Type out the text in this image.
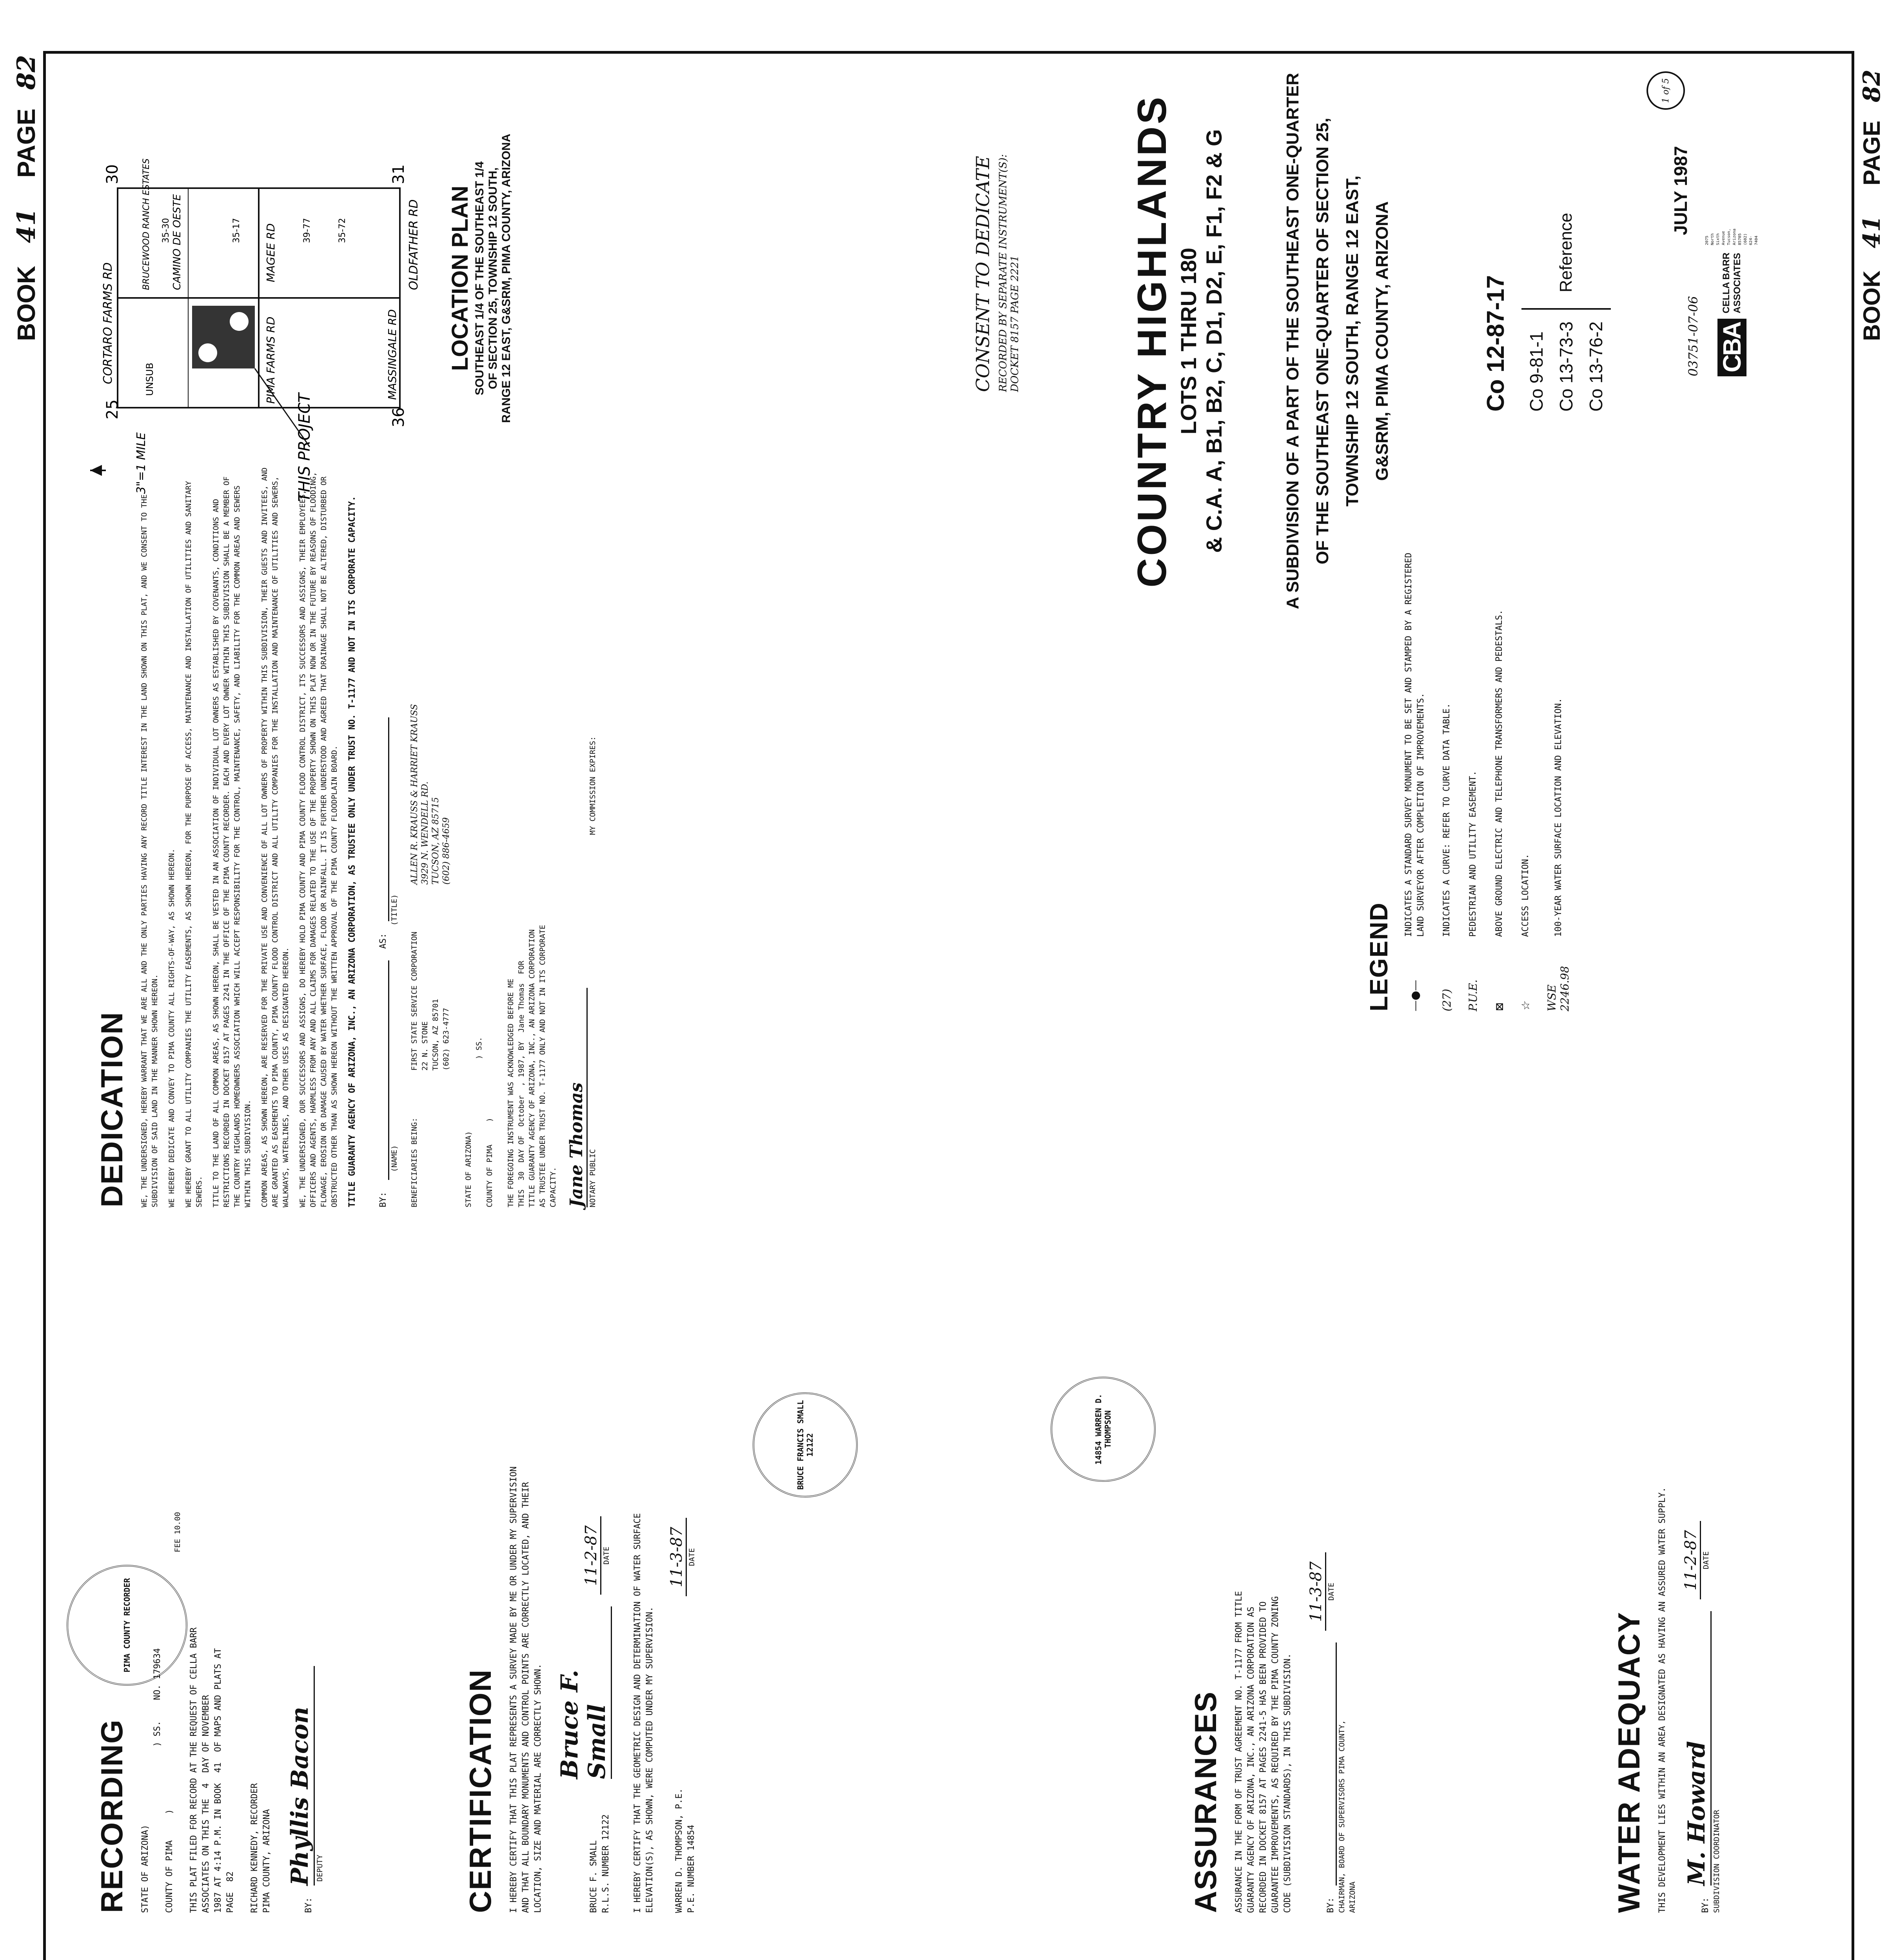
BOOK 41 PAGE 82
RECORDING STATE OF ARIZONA) ) SS.    NO. 179634 COUNTY OF PIMA     ) THIS PLAT FILED FOR RECORD AT THE REQUEST OF CELLA BARR ASSOCIATES ON THIS THE  4  DAY OF NOVEMBER 1987 AT 4:14 P.M. IN BOOK  41  OF MAPS AND PLATS AT PAGE  82 RICHARD KENNEDY, RECORDER PIMA COUNTY, ARIZONA	BY:
Phyllis Bacon DEPUTY
FEE 10.00
PIMA COUNTY RECORDER
CERTIFICATION I HEREBY CERTIFY THAT THIS PLAT REPRESENTS A SURVEY MADE BY ME OR UNDER MY SUPERVISION AND THAT ALL BOUNDARY MONUMENTS AND CONTROL POINTS ARE CORRECTLY LOCATED, AND THEIR LOCATION, SIZE AND MATERIAL ARE CORRECTLY SHOWN.	BRUCE F. SMALL R.L.S. NUMBER 12122
Bruce F. Small
11-2-87 DATE	I HEREBY CERTIFY THAT THE GEOMETRIC DESIGN AND DETERMINATION OF WATER SURFACE ELEVATION(S), AS SHOWN, WERE COMPUTED UNDER MY SUPERVISION. WARREN D. THOMPSON, P.E. P.E. NUMBER 14854
11-3-87 DATE
BRUCE FRANCIS SMALL 12122	14854 WARREN D. THOMPSON
ASSURANCES ASSURANCE IN THE FORM OF TRUST AGREEMENT NO. T-1177 FROM TITLE GUARANTY AGENCY OF ARIZONA, INC., AN ARIZONA CORPORATION AS RECORDED IN DOCKET 8157 AT PAGES 2241-5 HAS BEEN PROVIDED TO GUARANTEE IMPROVEMENTS, AS REQUIRED BY THE PIMA COUNTY ZONING CODE (SUBDIVISION STANDARDS), IN THIS SUBDIVISION.	BY:
11-3-87 DATE
CHAIRMAN, BOARD OF SUPERVISORS PIMA COUNTY, ARIZONA	WATER ADEQUACY THIS DEVELOPMENT LIES WITHIN AN AREA DESIGNATED AS HAVING AN ASSURED WATER SUPPLY.	BY:
M. Howard
11-2-87 DATE
SUBDIVISION COORDINATOR
DEDICATION WE, THE UNDERSIGNED, HEREBY WARRANT THAT WE ARE ALL AND THE ONLY PARTIES HAVING ANY RECORD TITLE INTEREST IN THE LAND SHOWN ON THIS PLAT, AND WE CONSENT TO THE SUBDIVISION OF SAID LAND IN THE MANNER SHOWN HEREON. WE HEREBY DEDICATE AND CONVEY TO PIMA COUNTY ALL RIGHTS-OF-WAY, AS SHOWN HEREON. WE HEREBY GRANT TO ALL UTILITY COMPANIES THE UTILITY EASEMENTS, AS SHOWN HEREON, FOR THE PURPOSE OF ACCESS, MAINTENANCE AND INSTALLATION OF UTILITIES AND SANITARY SEWERS. TITLE TO THE LAND OF ALL COMMON AREAS, AS SHOWN HEREON, SHALL BE VESTED IN AN ASSOCIATION OF INDIVIDUAL LOT OWNERS AS ESTABLISHED BY COVENANTS, CONDITIONS AND RESTRICTIONS RECORDED IN DOCKET 8157 AT PAGES 2241 IN THE OFFICE OF THE PIMA COUNTY RECORDER. EACH AND EVERY LOT OWNER WITHIN THIS SUBDIVISION SHALL BE A MEMBER OF THE COUNTRY HIGHLANDS HOMEOWNERS ASSOCIATION WHICH WILL ACCEPT RESPONSIBILITY FOR THE CONTROL, MAINTENANCE, SAFETY, AND LIABILITY FOR THE COMMON AREAS AND SEWERS WITHIN THIS SUBDIVISION. COMMON AREAS, AS SHOWN HEREON, ARE RESERVED FOR THE PRIVATE USE AND CONVENIENCE OF ALL LOT OWNERS OF PROPERTY WITHIN THIS SUBDIVISION, THEIR GUESTS AND INVITEES, AND ARE GRANTED AS EASEMENTS TO PIMA COUNTY, PIMA COUNTY FLOOD CONTROL DISTRICT AND ALL UTILITY COMPANIES FOR THE INSTALLATION AND MAINTENANCE OF UTILITIES AND SEWERS, WALKWAYS, WATERLINES, AND OTHER USES AS DESIGNATED HEREON. WE, THE UNDERSIGNED, OUR SUCCESSORS AND ASSIGNS, DO HEREBY HOLD PIMA COUNTY AND PIMA COUNTY FLOOD CONTROL DISTRICT, ITS SUCCESSORS AND ASSIGNS, THEIR EMPLOYEES, OFFICERS AND AGENTS, HARMLESS FROM ANY AND ALL CLAIMS FOR DAMAGES RELATED TO THE USE OF THE PROPERTY SHOWN ON THIS PLAT NOW OR IN THE FUTURE BY REASONS OF FLOODING, FLOWAGE, EROSION OR DAMAGE CAUSED BY WATER WHETHER SURFACE, FLOOD OR RAINFALL. IT IS FURTHER UNDERSTOOD AND AGREED THAT DRAINAGE SHALL NOT BE ALTERED, DISTURBED OR OBSTRUCTED OTHER THAN AS SHOWN HEREON WITHOUT THE WRITTEN APPROVAL OF THE PIMA COUNTY FLOODPLAIN BOARD. TITLE GUARANTY AGENCY OF ARIZONA, INC., AN ARIZONA CORPORATION, AS TRUSTEE ONLY UNDER TRUST NO. T-1177 AND NOT IN ITS CORPORATE CAPACITY. BY:
AS:
(NAME)
(TITLE)
BENEFICIARIES BEING:
FIRST STATE SERVICE CORPORATION 22 N. STONE TUCSON, AZ 85701 (602) 623-4777
ALLEN R. KRAUSS & HARRIET KRAUSS 3929 N. WENDELL RD. TUCSON, AZ 85715 (602) 886-4659
STATE OF ARIZONA) ) SS. COUNTY OF PIMA     ) THE FOREGOING INSTRUMENT WAS ACKNOWLEDGED BEFORE ME THIS  30  DAY OF  October  , 1987, BY  Jane Thomas  FOR TITLE GUARANTY AGENCY OF ARIZONA, INC., AN ARIZONA CORPORATION AS TRUSTEE UNDER TRUST NO. T-1177 ONLY AND NOT IN ITS CORPORATE CAPACITY. Jane Thomas NOTARY PUBLIC
MY COMMISSION EXPIRES:
LEGEND —●—
INDICATES A STANDARD SURVEY MONUMENT TO BE SET AND STAMPED BY A REGISTERED LAND SURVEYOR AFTER COMPLETION OF IMPROVEMENTS.
(27)
INDICATES A CURVE: REFER TO CURVE DATA TABLE.
P.U.E.
PEDESTRIAN AND UTILITY EASEMENT.
⊠
ABOVE GROUND ELECTRIC AND TELEPHONE TRANSFORMERS AND PEDESTALS.
☆
ACCESS LOCATION.
WSE 2246.98
100-YEAR WATER SURFACE LOCATION AND ELEVATION.
CONSENT TO DEDICATE RECORDED BY SEPARATE INSTRUMENT(S): DOCKET 8157 PAGE 2221
25
30
36
31
CORTARO FARMS RD
OLDFATHER RD
PIMA FARMS RD
MAGEE RD
MASSINGALE RD
CAMINO DE OESTE
3"=1 MILE	THIS PROJECT
UNSUB
BRUCEWOOD RANCH ESTATES 35-30	35-17	39-77	35-72	LOCATION PLAN SOUTHEAST 1/4 OF THE SOUTHEAST 1/4 OF SECTION 25, TOWNSHIP 12 SOUTH, RANGE 12 EAST, G&SRM, PIMA COUNTY, ARIZONA	COUNTRY HIGHLANDS LOTS 1 THRU 180 & C.A. A, B1, B2, C, D1, D2, E, F1, F2 & G	A SUBDIVISION OF A PART OF THE SOUTHEAST ONE-QUARTER OF THE SOUTHEAST ONE-QUARTER OF SECTION 25, TOWNSHIP 12 SOUTH, RANGE 12 EAST, G&SRM, PIMA COUNTY, ARIZONA	Co 12-87-17 Co 9-81-1 Co 13-73-3 Co 13-76-2
Reference
JULY 1987
03751-07-06 CBA
CELLA BARR ASSOCIATES
2075 North Sixth Avenue Tucson, Arizona 85705 (602) 624-7404
1 of 5
BOOK 41 PAGE 82
